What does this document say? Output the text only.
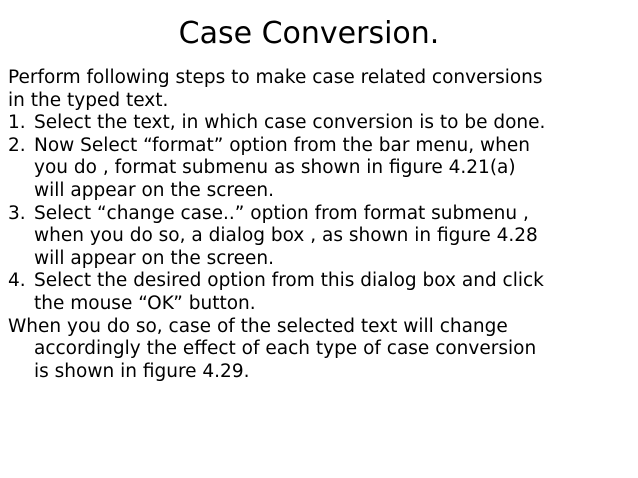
Case Conversion.
Perform following steps to make case related conversions
in the typed text.
1. Select the text, in which case conversion is to be done.
2. Now Select “format” option from the bar menu, when
you do , format submenu as shown in figure 4.21(a)
will appear on the screen.
3. Select “change case..” option from format submenu ,
when you do so, a dialog box , as shown in figure 4.28
will appear on the screen.
4. Select the desired option from this dialog box and click
the mouse “OK” button.
When you do so, case of the selected text will change
accordingly the effect of each type of case conversion
is shown in figure 4.29.
